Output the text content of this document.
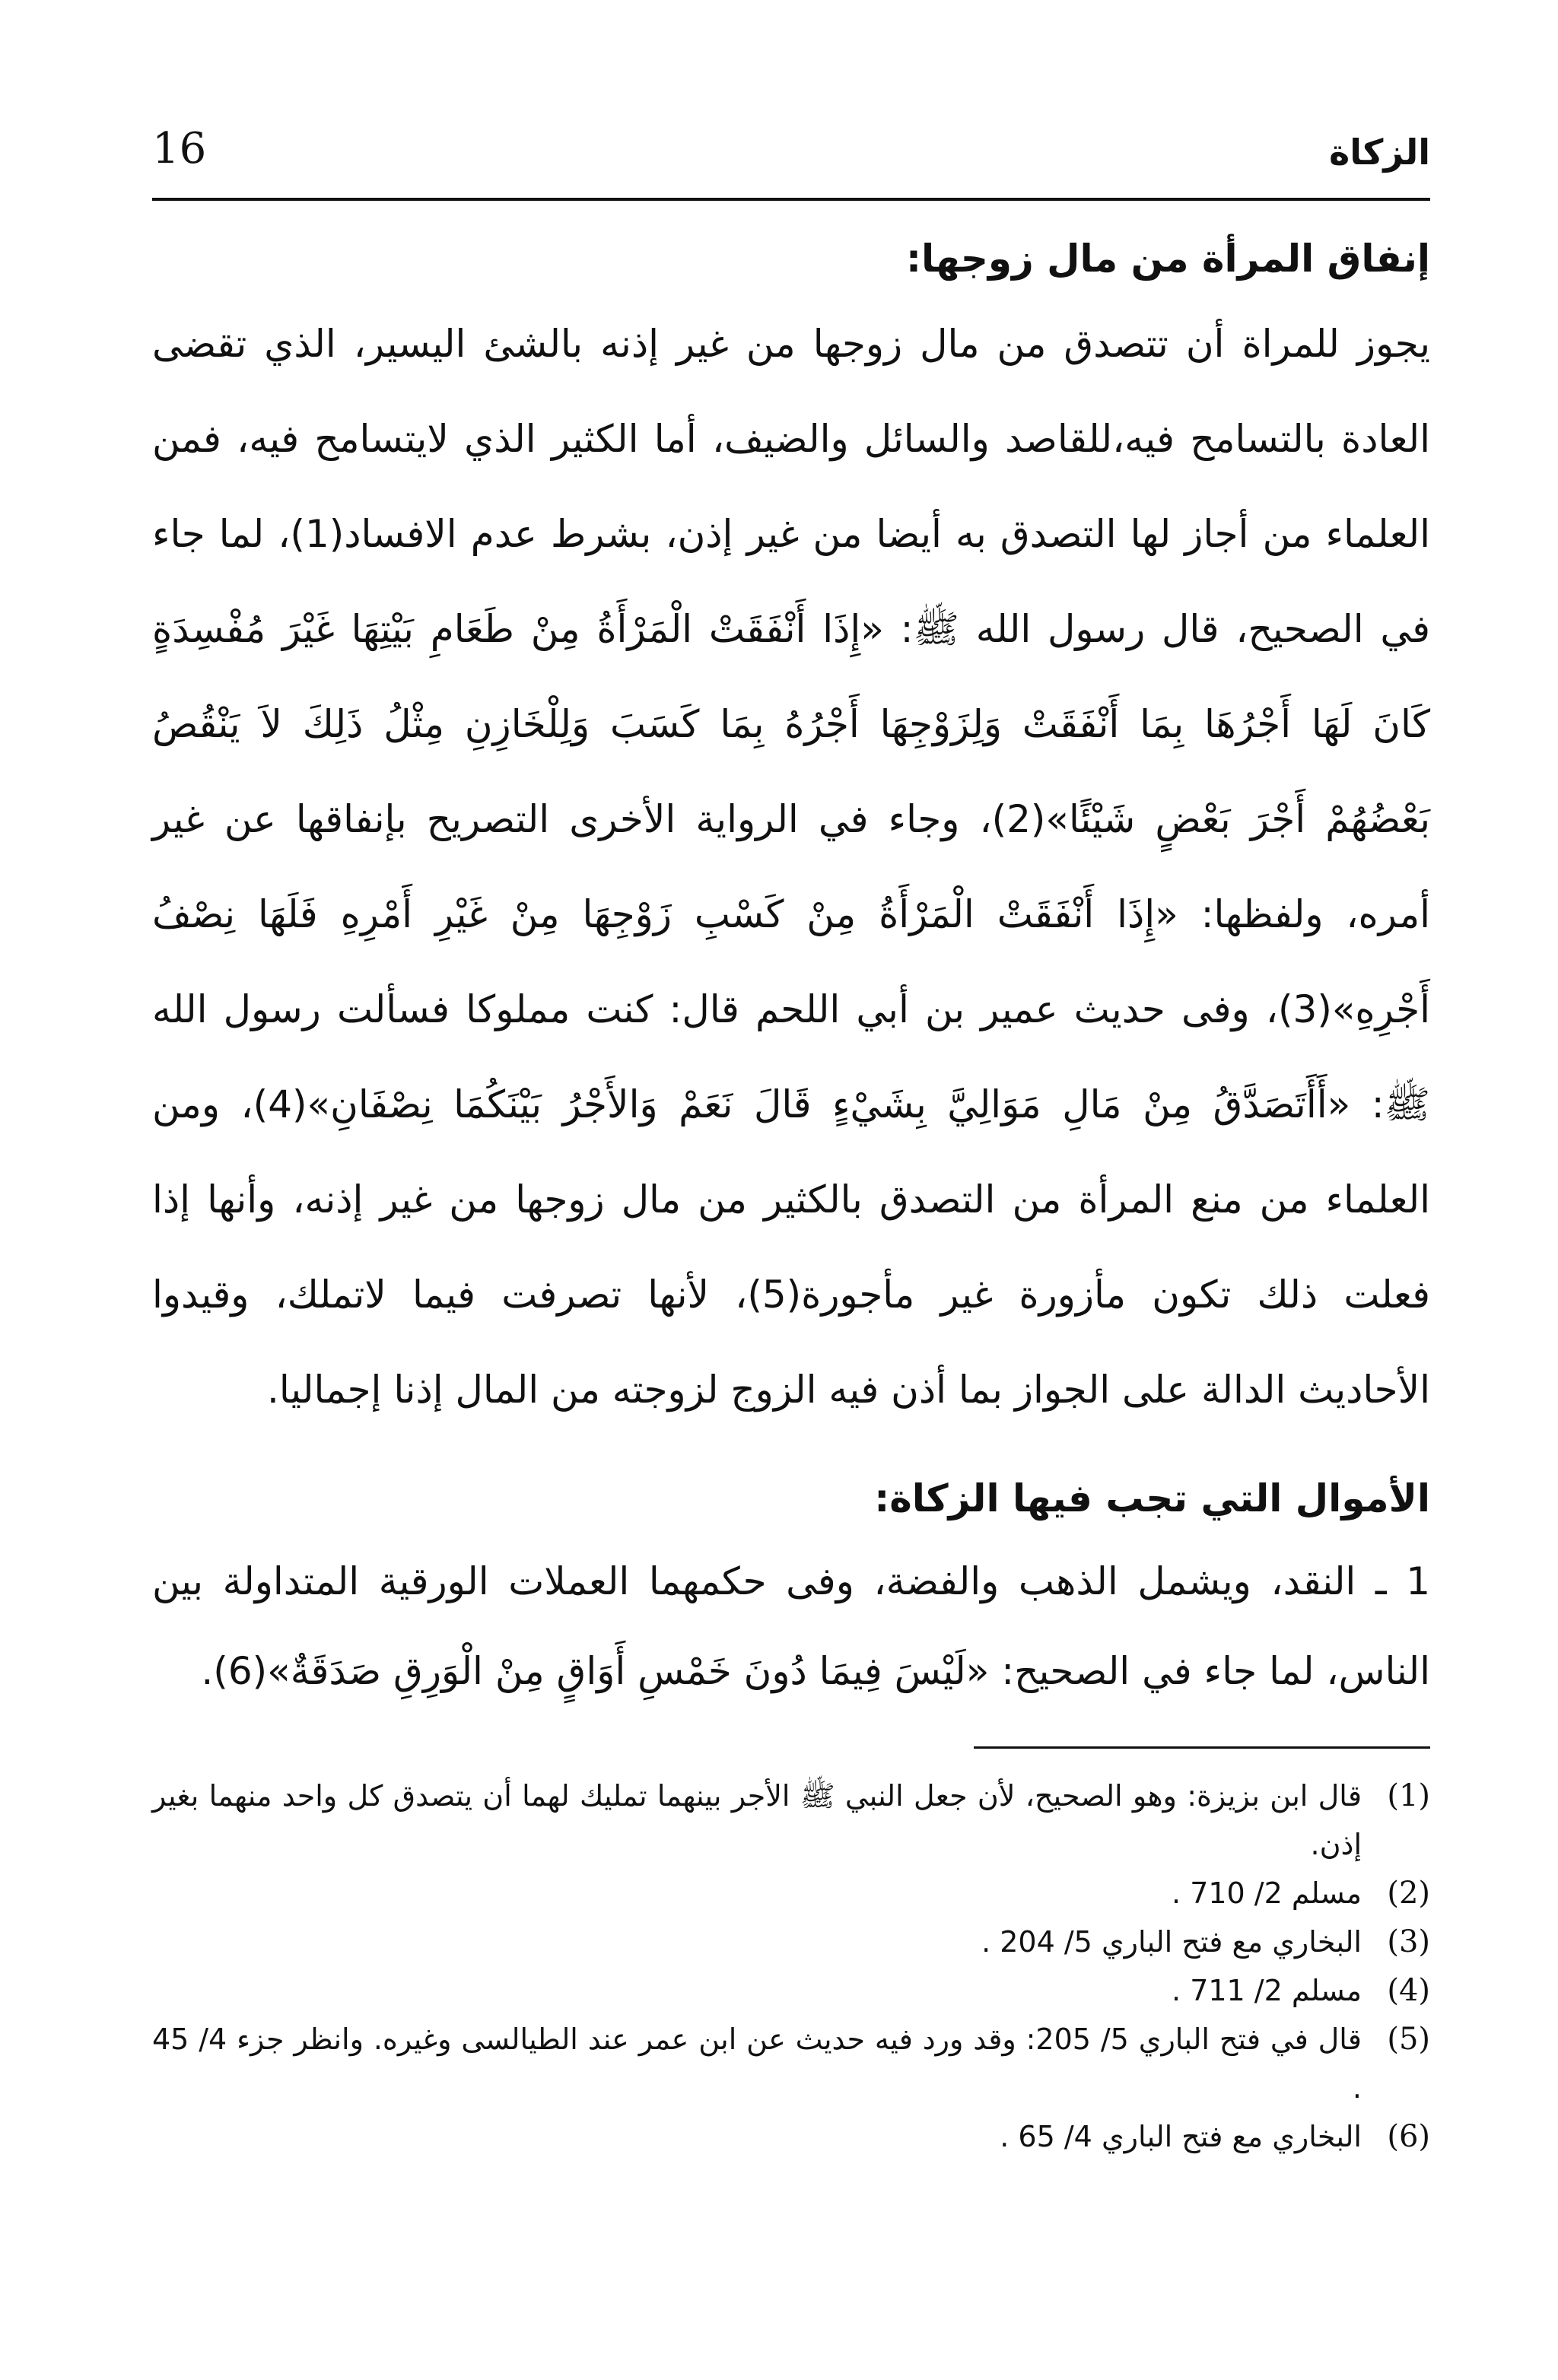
الزكاة
16
إنفاق المرأة من مال زوجها:

يجوز للمراة أن تتصدق من مال زوجها من غير إذنه بالشئ اليسير، الذي تقضى العادة بالتسامح فيه،للقاصد والسائل والضيف، أما الكثير الذي لايتسامح فيه، فمن العلماء من أجاز لها التصدق به أيضا من غير إذن، بشرط عدم الافساد(1)، لما جاء في الصحيح، قال رسول الله ﷺ: «إِذَا أَنْفَقَتْ الْمَرْأَةُ مِنْ طَعَامِ بَيْتِهَا غَيْرَ مُفْسِدَةٍ كَانَ لَهَا أَجْرُهَا بِمَا أَنْفَقَتْ وَلِزَوْجِهَا أَجْرُهُ بِمَا كَسَبَ وَلِلْخَازِنِ مِثْلُ ذَلِكَ لاَ يَنْقُصُ بَعْضُهُمْ أَجْرَ بَعْضٍ شَيْئًا»(2)، وجاء في الرواية الأخرى التصريح بإنفاقها عن غير أمره، ولفظها: «إِذَا أَنْفَقَتْ الْمَرْأَةُ مِنْ كَسْبِ زَوْجِهَا مِنْ غَيْرِ أَمْرِهِ فَلَهَا نِصْفُ أَجْرِهِ»(3)، وفى حديث عمير بن أبي اللحم قال: كنت مملوكا فسألت رسول الله ﷺ: «أَأَتَصَدَّقُ مِنْ مَالِ مَوَالِيَّ بِشَيْءٍ قَالَ نَعَمْ وَالأَجْرُ بَيْنَكُمَا نِصْفَانِ»(4)، ومن العلماء من منع المرأة من التصدق بالكثير من مال زوجها من غير إذنه، وأنها إذا فعلت ذلك تكون مأزورة غير مأجورة(5)، لأنها تصرفت فيما لاتملك، وقيدوا الأحاديث الدالة على الجواز بما أذن فيه الزوج لزوجته من المال إذنا إجماليا.

الأموال التي تجب فيها الزكاة:

1 ـ النقد، ويشمل الذهب والفضة، وفى حكمهما العملات الورقية المتداولة بين الناس، لما جاء في الصحيح: «لَيْسَ فِيمَا دُونَ خَمْسِ أَوَاقٍ مِنْ الْوَرِقِ صَدَقَةٌ»(6).

(1)
قال ابن بزيزة: وهو الصحيح، لأن جعل النبي ﷺ الأجر بينهما تمليك لهما أن يتصدق كل واحد منهما بغير إذن.
(2)
مسلم 2/ 710 .
(3)
البخاري مع فتح الباري 5/ 204 .
(4)
مسلم 2/ 711 .
(5)
قال في فتح الباري 5/ 205: وقد ورد فيه حديث عن ابن عمر عند الطيالسى وغيره. وانظر جزء 4/ 45 .
(6)
البخاري مع فتح الباري 4/ 65 .
